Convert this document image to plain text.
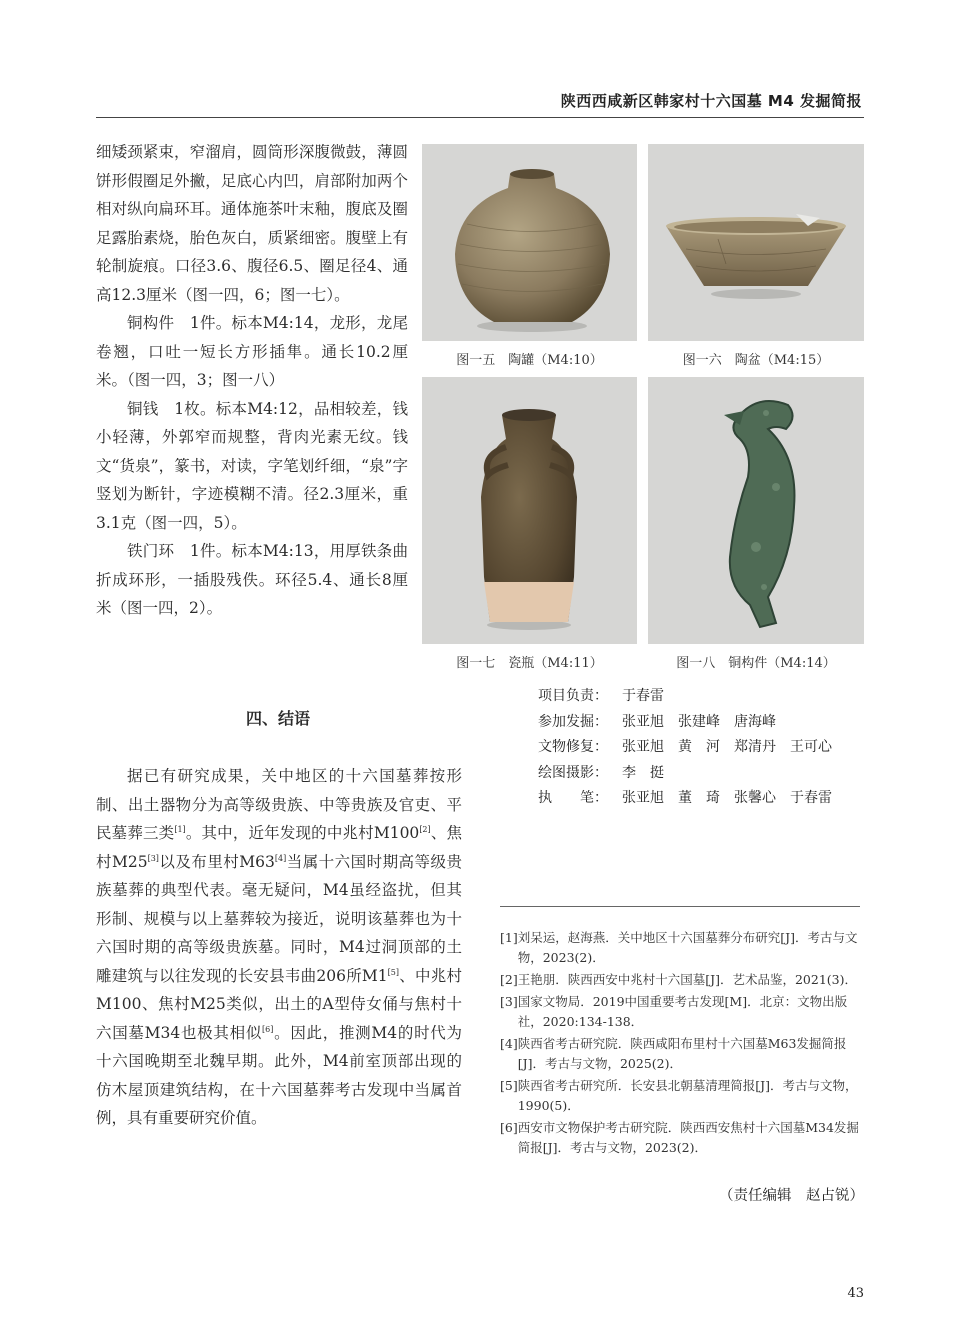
陕西西咸新区韩家村十六国墓 M4 发掘简报

细矮颈紧束，窄溜肩，圆筒形深腹微鼓，薄圆饼形假圈足外撇，足底心内凹，肩部附加两个相对纵向扁环耳。通体施茶叶末釉，腹底及圈足露胎素烧，胎色灰白，质紧细密。腹壁上有轮制旋痕。口径3.6、腹径6.5、圈足径4、通高12.3厘米（图一四，6；图一七）。

铜构件　1件。标本M4:14，龙形，龙尾卷翘，口吐一短长方形插隼。通长10.2厘米。（图一四，3；图一八）

铜钱　1枚。标本M4:12，品相较差，钱小轻薄，外郭窄而规整，背肉光素无纹。钱文“货泉”，篆书，对读，字笔划纤细，“泉”字竖划为断针，字迹模糊不清。径2.3厘米，重3.1克（图一四，5）。

铁门环　1件。标本M4:13，用厚铁条曲折成环形，一插股残佚。环径5.4、通长8厘米（图一四，2）。

四、结语

据已有研究成果，关中地区的十六国墓葬按形制、出土器物分为高等级贵族、中等贵族及官吏、平民墓葬三类[1]。其中，近年发现的中兆村M100[2]、焦村M25[3]以及布里村M63[4]当属十六国时期高等级贵族墓葬的典型代表。毫无疑问，M4虽经盗扰，但其形制、规模与以上墓葬较为接近，说明该墓葬也为十六国时期的高等级贵族墓。同时，M4过洞顶部的土雕建筑与以往发现的长安县韦曲206所M1[5]、中兆村M100、焦村M25类似，出土的A型侍女俑与焦村十六国墓M34也极其相似[6]。因此，推测M4的时代为十六国晚期至北魏早期。此外，M4前室顶部出现的仿木屋顶建筑结构，在十六国墓葬考古发现中当属首例，具有重要研究价值。

图一五　陶罐（M4:10）	图一六　陶盆（M4:15）
图一七　瓷瓶（M4:11）	图一八　铜构件（M4:14）
项目负责： 于春雷
参加发掘： 张亚旭 张建峰 唐海峰
文物修复： 张亚旭 黄　河 郑清丹 王可心
绘图摄影： 李　挺
执　　笔： 张亚旭 董　琦 张馨心 于春雷
[1] 刘呆运，赵海燕．关中地区十六国墓葬分布研究[J]．考古与文物，2023(2)．
[2] 王艳朋．陕西西安中兆村十六国墓[J]．艺术品鉴，2021(3)．
[3] 国家文物局．2019中国重要考古发现[M]．北京：文物出版社，2020:134-138．
[4] 陕西省考古研究院．陕西咸阳布里村十六国墓M63发掘简报[J]．考古与文物，2025(2)．
[5] 陕西省考古研究所．长安县北朝墓清理简报[J]．考古与文物，1990(5)．
[6] 西安市文物保护考古研究院．陕西西安焦村十六国墓M34发掘简报[J]．考古与文物，2023(2)．
（责任编辑　赵占锐）
43
